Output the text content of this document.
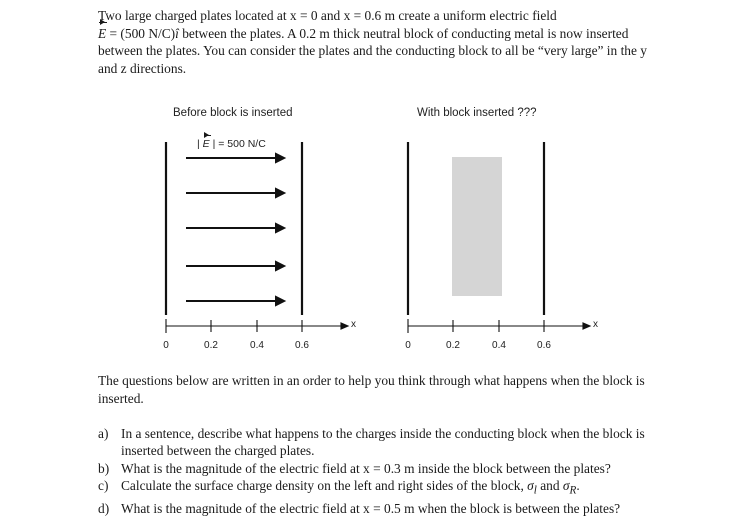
Two large charged plates located at x = 0 and x = 0.6 m create a uniform electric field
E = (500 N/C)î between the plates. A 0.2 m thick neutral block of conducting metal is now inserted between the plates. You can consider the plates and the conducting block to all be “very large” in the y and z directions.
Before block is inserted	With block inserted ???
| E | = 500 N/C
x	x
0	0.2	0.4	0.6	0	0.2	0.4	0.6
The questions below are written in an order to help you think through what happens when the block is inserted.
a) In a sentence, describe what happens to the charges inside the conducting block when the block is inserted between the charged plates.
b) What is the magnitude of the electric field at x = 0.3 m inside the block between the plates?
c) Calculate the surface charge density on the left and right sides of the block, $\sigma_l$ and $\sigma_R$.
d) What is the magnitude of the electric field at x = 0.5 m when the block is between the plates?
